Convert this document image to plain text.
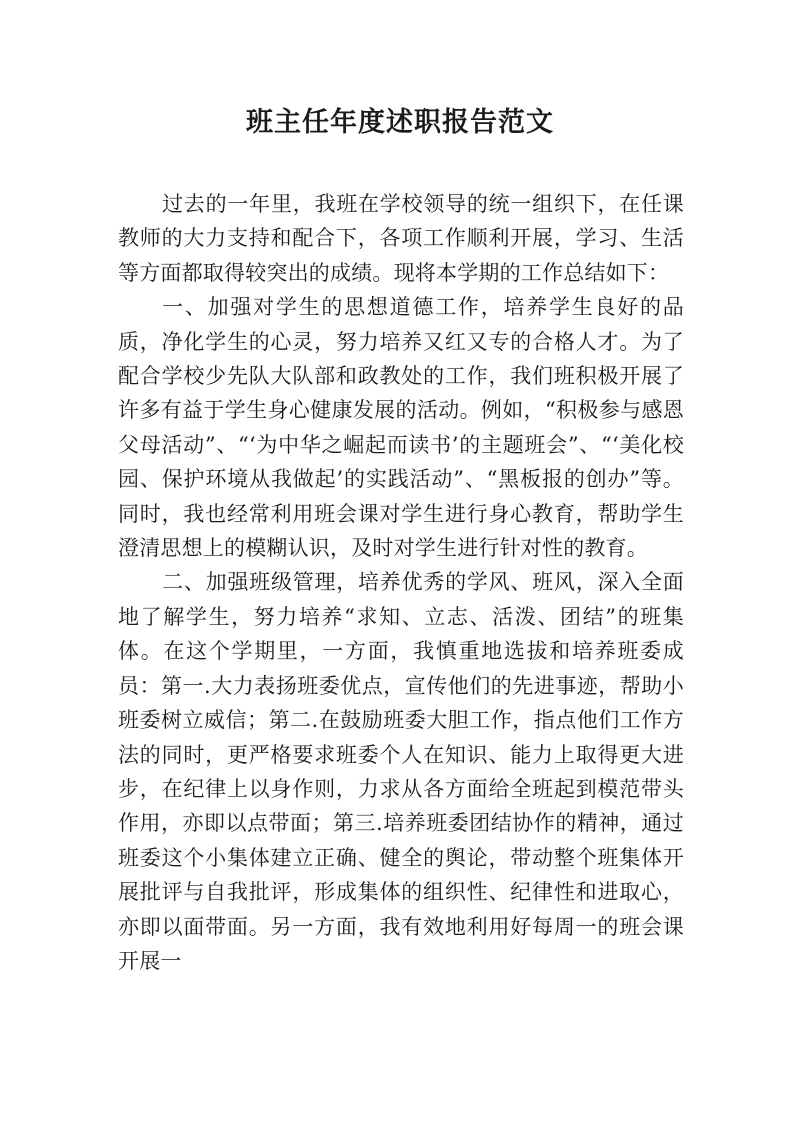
班主任年度述职报告范文

过去的一年里，我班在学校领导的统一组织下，在任课教师的大力支持和配合下，各项工作顺利开展，学习、生活等方面都取得较突出的成绩。现将本学期的工作总结如下：

一、加强对学生的思想道德工作，培养学生良好的品质，净化学生的心灵，努力培养又红又专的合格人才。为了配合学校少先队大队部和政教处的工作，我们班积极开展了许多有益于学生身心健康发展的活动。例如，“积极参与感恩父母活动”、“‘为中华之崛起而读书’的主题班会”、“‘美化校园、保护环境从我做起’的实践活动”、“黑板报的创办”等。同时，我也经常利用班会课对学生进行身心教育，帮助学生澄清思想上的模糊认识，及时对学生进行针对性的教育。

二、加强班级管理，培养优秀的学风、班风，深入全面地了解学生，努力培养“求知、立志、活泼、团结”的班集体。在这个学期里，一方面，我慎重地选拔和培养班委成员：第一.大力表扬班委优点，宣传他们的先进事迹，帮助小班委树立威信；第二.在鼓励班委大胆工作，指点他们工作方法的同时，更严格要求班委个人在知识、能力上取得更大进步，在纪律上以身作则，力求从各方面给全班起到模范带头作用，亦即以点带面；第三.培养班委团结协作的精神，通过班委这个小集体建立正确、健全的舆论，带动整个班集体开展批评与自我批评，形成集体的组织性、纪律性和进取心，亦即以面带面。另一方面，我有效地利用好每周一的班会课开展一
